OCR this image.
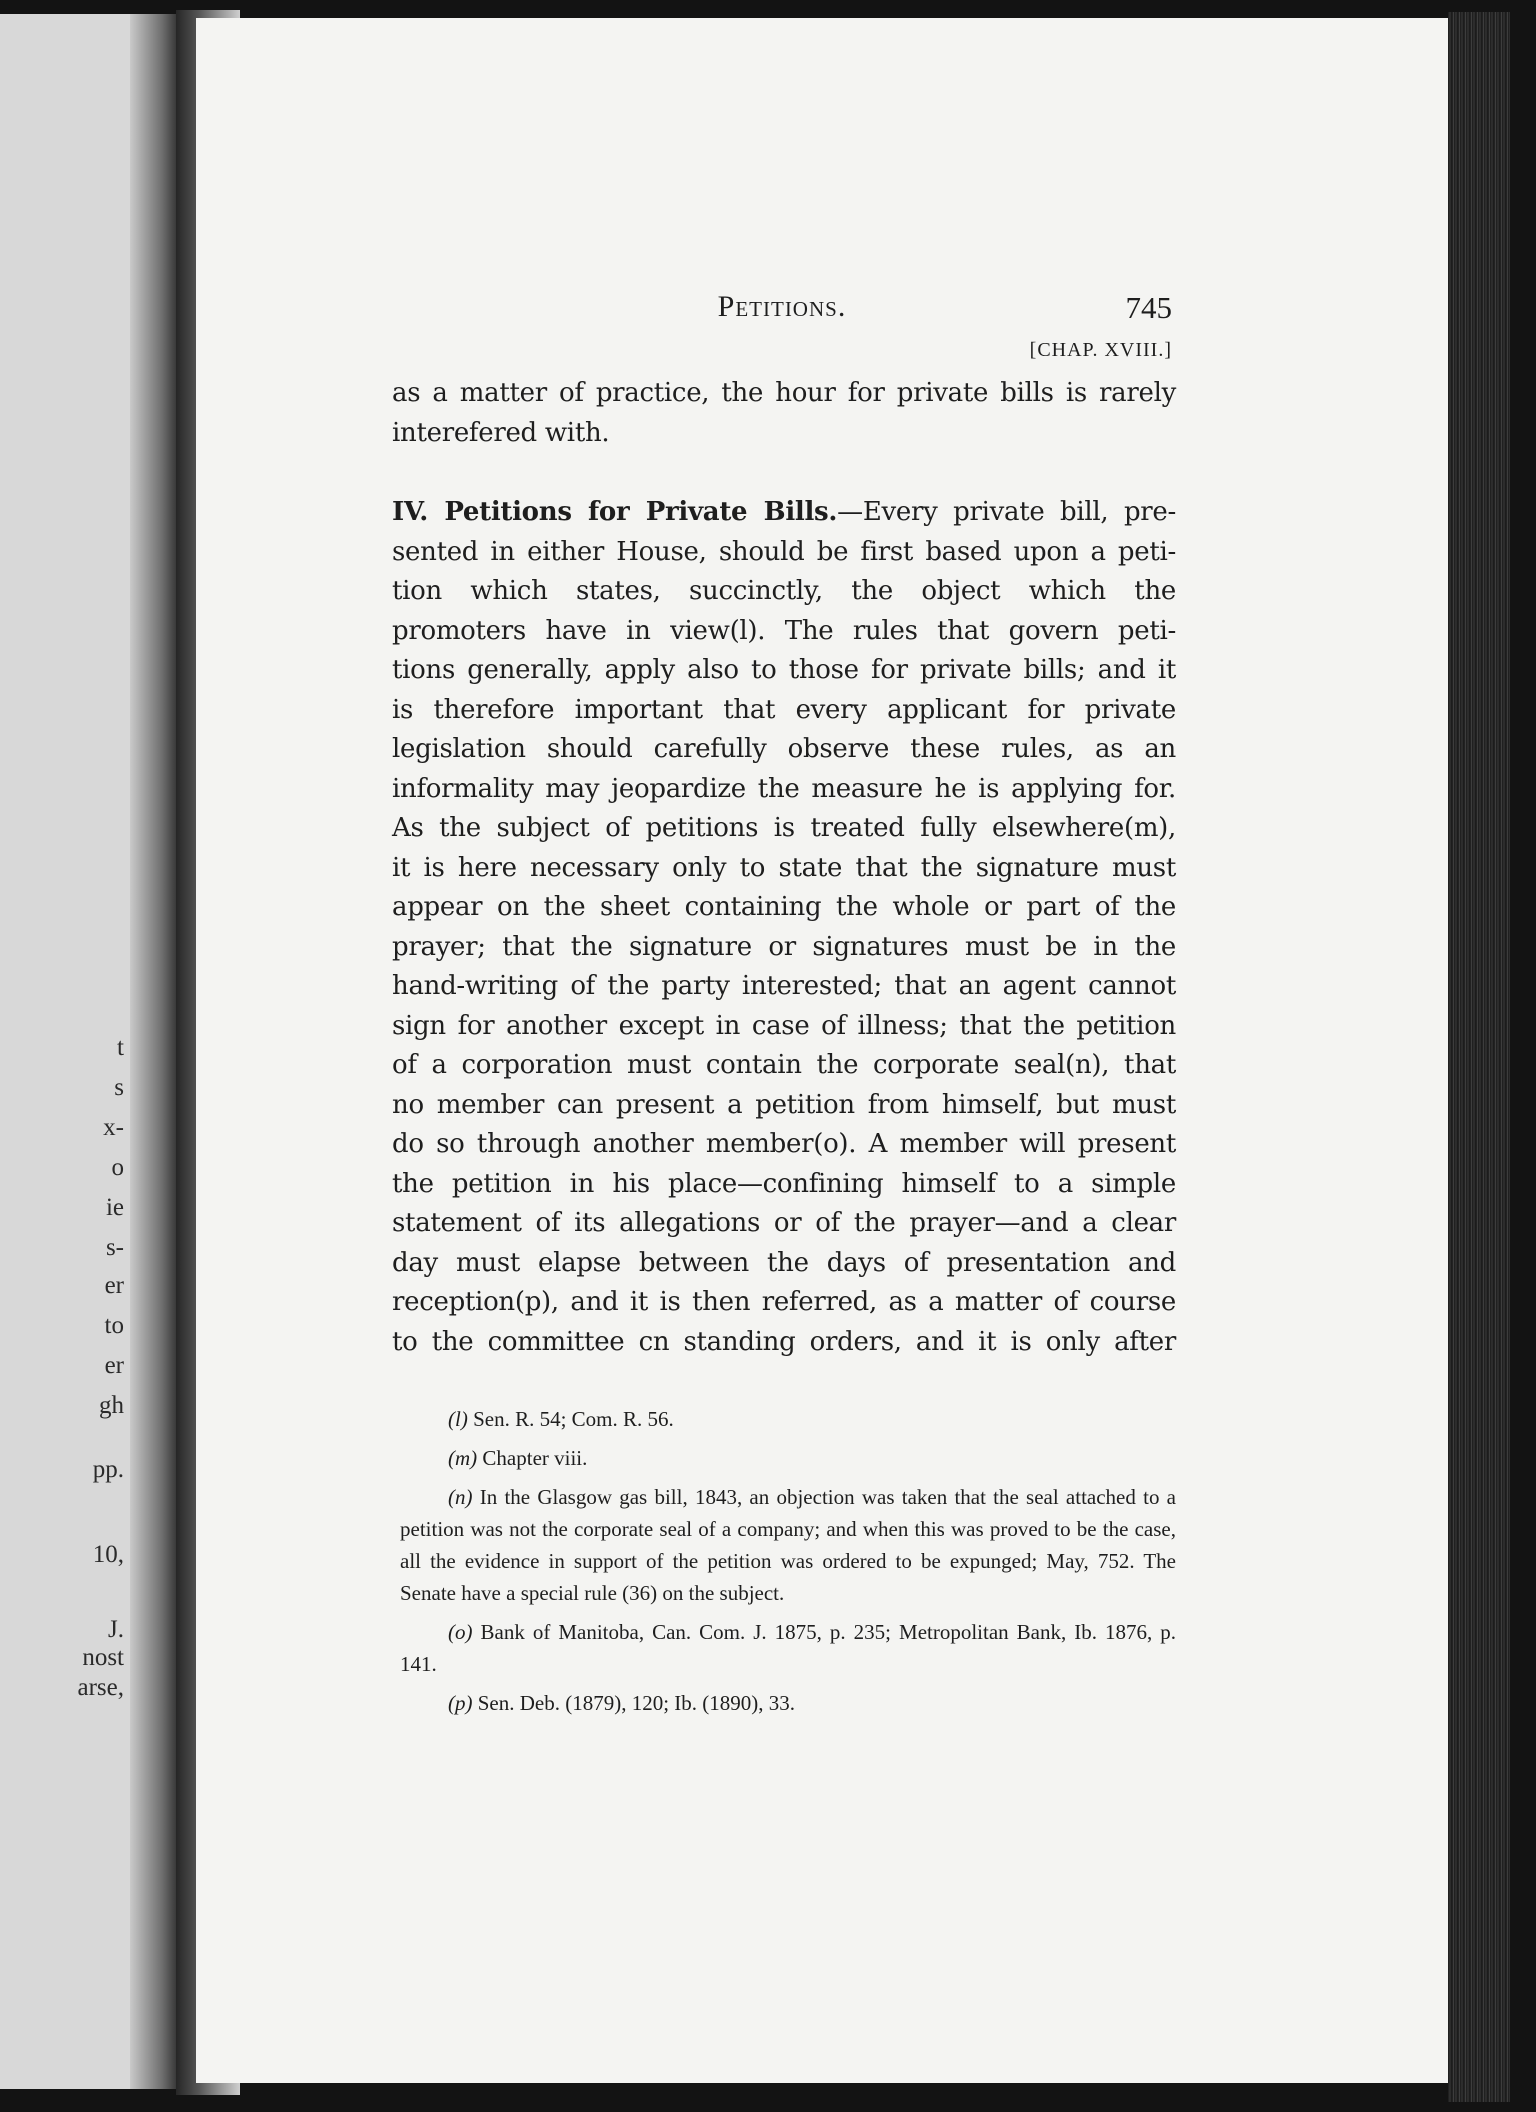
t
s
x-
o
ie
s-
er
to
er
gh
pp.
10,
J.
nost
arse,
Petitions.	745
[CHAP. XVIII.]
as a matter of practice, the hour for private bills is rarely
interefered with.
IV. Petitions for Private Bills.—Every private bill, pre-
sented in either House, should be first based upon a peti-
tion which states, succinctly, the object which the
promoters have in view(l). The rules that govern peti-
tions generally, apply also to those for private bills; and it
is therefore important that every applicant for private
legislation should carefully observe these rules, as an
informality may jeopardize the measure he is applying for.
As the subject of petitions is treated fully elsewhere(m),
it is here necessary only to state that the signature must
appear on the sheet containing the whole or part of the
prayer; that the signature or signatures must be in the
hand-writing of the party interested; that an agent cannot
sign for another except in case of illness; that the petition
of a corporation must contain the corporate seal(n), that
no member can present a petition from himself, but must
do so through another member(o). A member will present
the petition in his place—confining himself to a simple
statement of its allegations or of the prayer—and a clear
day must elapse between the days of presentation and
reception(p), and it is then referred, as a matter of course
to the committee cn standing orders, and it is only after

(l) Sen. R. 54; Com. R. 56.

(m) Chapter viii.

(n) In the Glasgow gas bill, 1843, an objection was taken that the seal attached to a petition was not the corporate seal of a company; and when this was proved to be the case, all the evidence in support of the petition was ordered to be expunged; May, 752. The Senate have a special rule (36) on the subject.

(o) Bank of Manitoba, Can. Com. J. 1875, p. 235; Metropolitan Bank, Ib. 1876, p. 141.

(p) Sen. Deb. (1879), 120; Ib. (1890), 33.
